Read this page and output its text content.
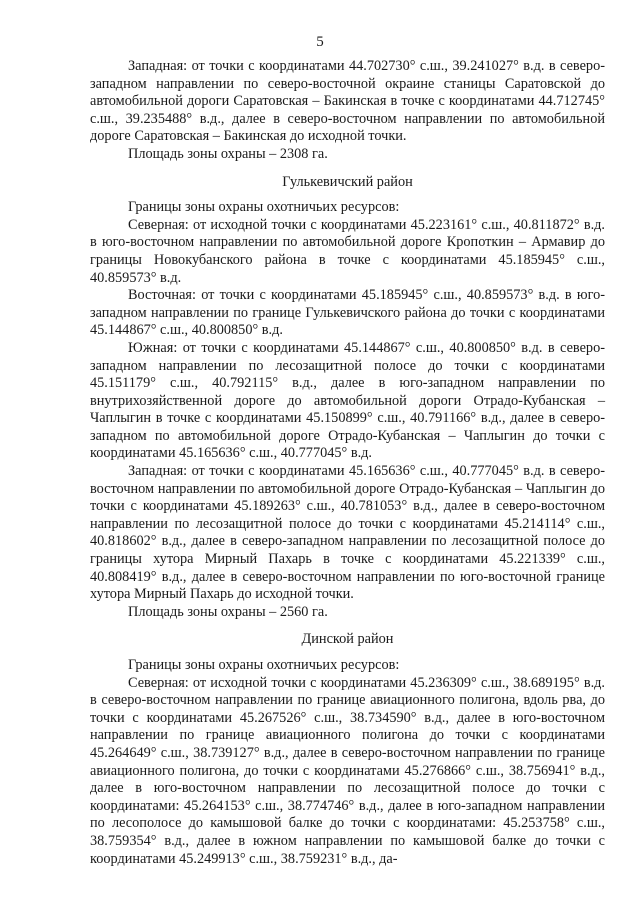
5

Западная: от точки с координатами 44.702730° с.ш., 39.241027° в.д. в северо-западном направлении по северо-восточной окраине станицы Саратовской до автомобильной дороги Саратовская – Бакинская в точке с координатами 44.712745° с.ш., 39.235488° в.д., далее в северо-восточном направлении по автомобильной дороге Саратовская – Бакинская до исходной точки.

Площадь зоны охраны – 2308 га.

Гулькевичский район

Границы зоны охраны охотничьих ресурсов:

Северная: от исходной точки с координатами 45.223161° с.ш., 40.811872° в.д. в юго-восточном направлении по автомобильной дороге Кропоткин – Армавир до границы Новокубанского района в точке с координатами 45.185945° с.ш., 40.859573° в.д.

Восточная: от точки с координатами 45.185945° с.ш., 40.859573° в.д. в юго-западном направлении по границе Гулькевичского района до точки с координатами 45.144867° с.ш., 40.800850° в.д.

Южная: от точки с координатами 45.144867° с.ш., 40.800850° в.д. в северо-западном направлении по лесозащитной полосе до точки с координатами 45.151179° с.ш., 40.792115° в.д., далее в юго-западном направлении по внутрихозяйственной дороге до автомобильной дороги Отрадо-Кубанская – Чаплыгин в точке с координатами 45.150899° с.ш., 40.791166° в.д., далее в северо-западном по автомобильной дороге Отрадо-Кубанская – Чаплыгин до точки с координатами 45.165636° с.ш., 40.777045° в.д.

Западная: от точки с координатами 45.165636° с.ш., 40.777045° в.д. в северо-восточном направлении по автомобильной дороге Отрадо-Кубанская – Чаплыгин до точки с координатами 45.189263° с.ш., 40.781053° в.д., далее в северо-восточном направлении по лесозащитной полосе до точки с координатами 45.214114° с.ш., 40.818602° в.д., далее в северо-западном направлении по лесозащитной полосе до границы хутора Мирный Пахарь в точке с координатами 45.221339° с.ш., 40.808419° в.д., далее в северо-восточном направлении по юго-восточной границе хутора Мирный Пахарь до исходной точки.

Площадь зоны охраны – 2560 га.

Динской район

Границы зоны охраны охотничьих ресурсов:

Северная: от исходной точки с координатами 45.236309° с.ш., 38.689195° в.д. в северо-восточном направлении по границе авиационного полигона, вдоль рва, до точки с координатами 45.267526° с.ш., 38.734590° в.д., далее в юго-восточном направлении по границе авиационного полигона до точки с координатами 45.264649° с.ш., 38.739127° в.д., далее в северо-восточном направлении по границе авиационного полигона, до точки с координатами 45.276866° с.ш., 38.756941° в.д., далее в юго-восточном направлении по лесозащитной полосе до точки с координатами: 45.264153° с.ш., 38.774746° в.д., далее в юго-западном направлении по лесополосе до камышовой балке до точки с координатами: 45.253758° с.ш., 38.759354° в.д., далее в южном направлении по камышовой балке до точки с координатами 45.249913° с.ш., 38.759231° в.д., да-
